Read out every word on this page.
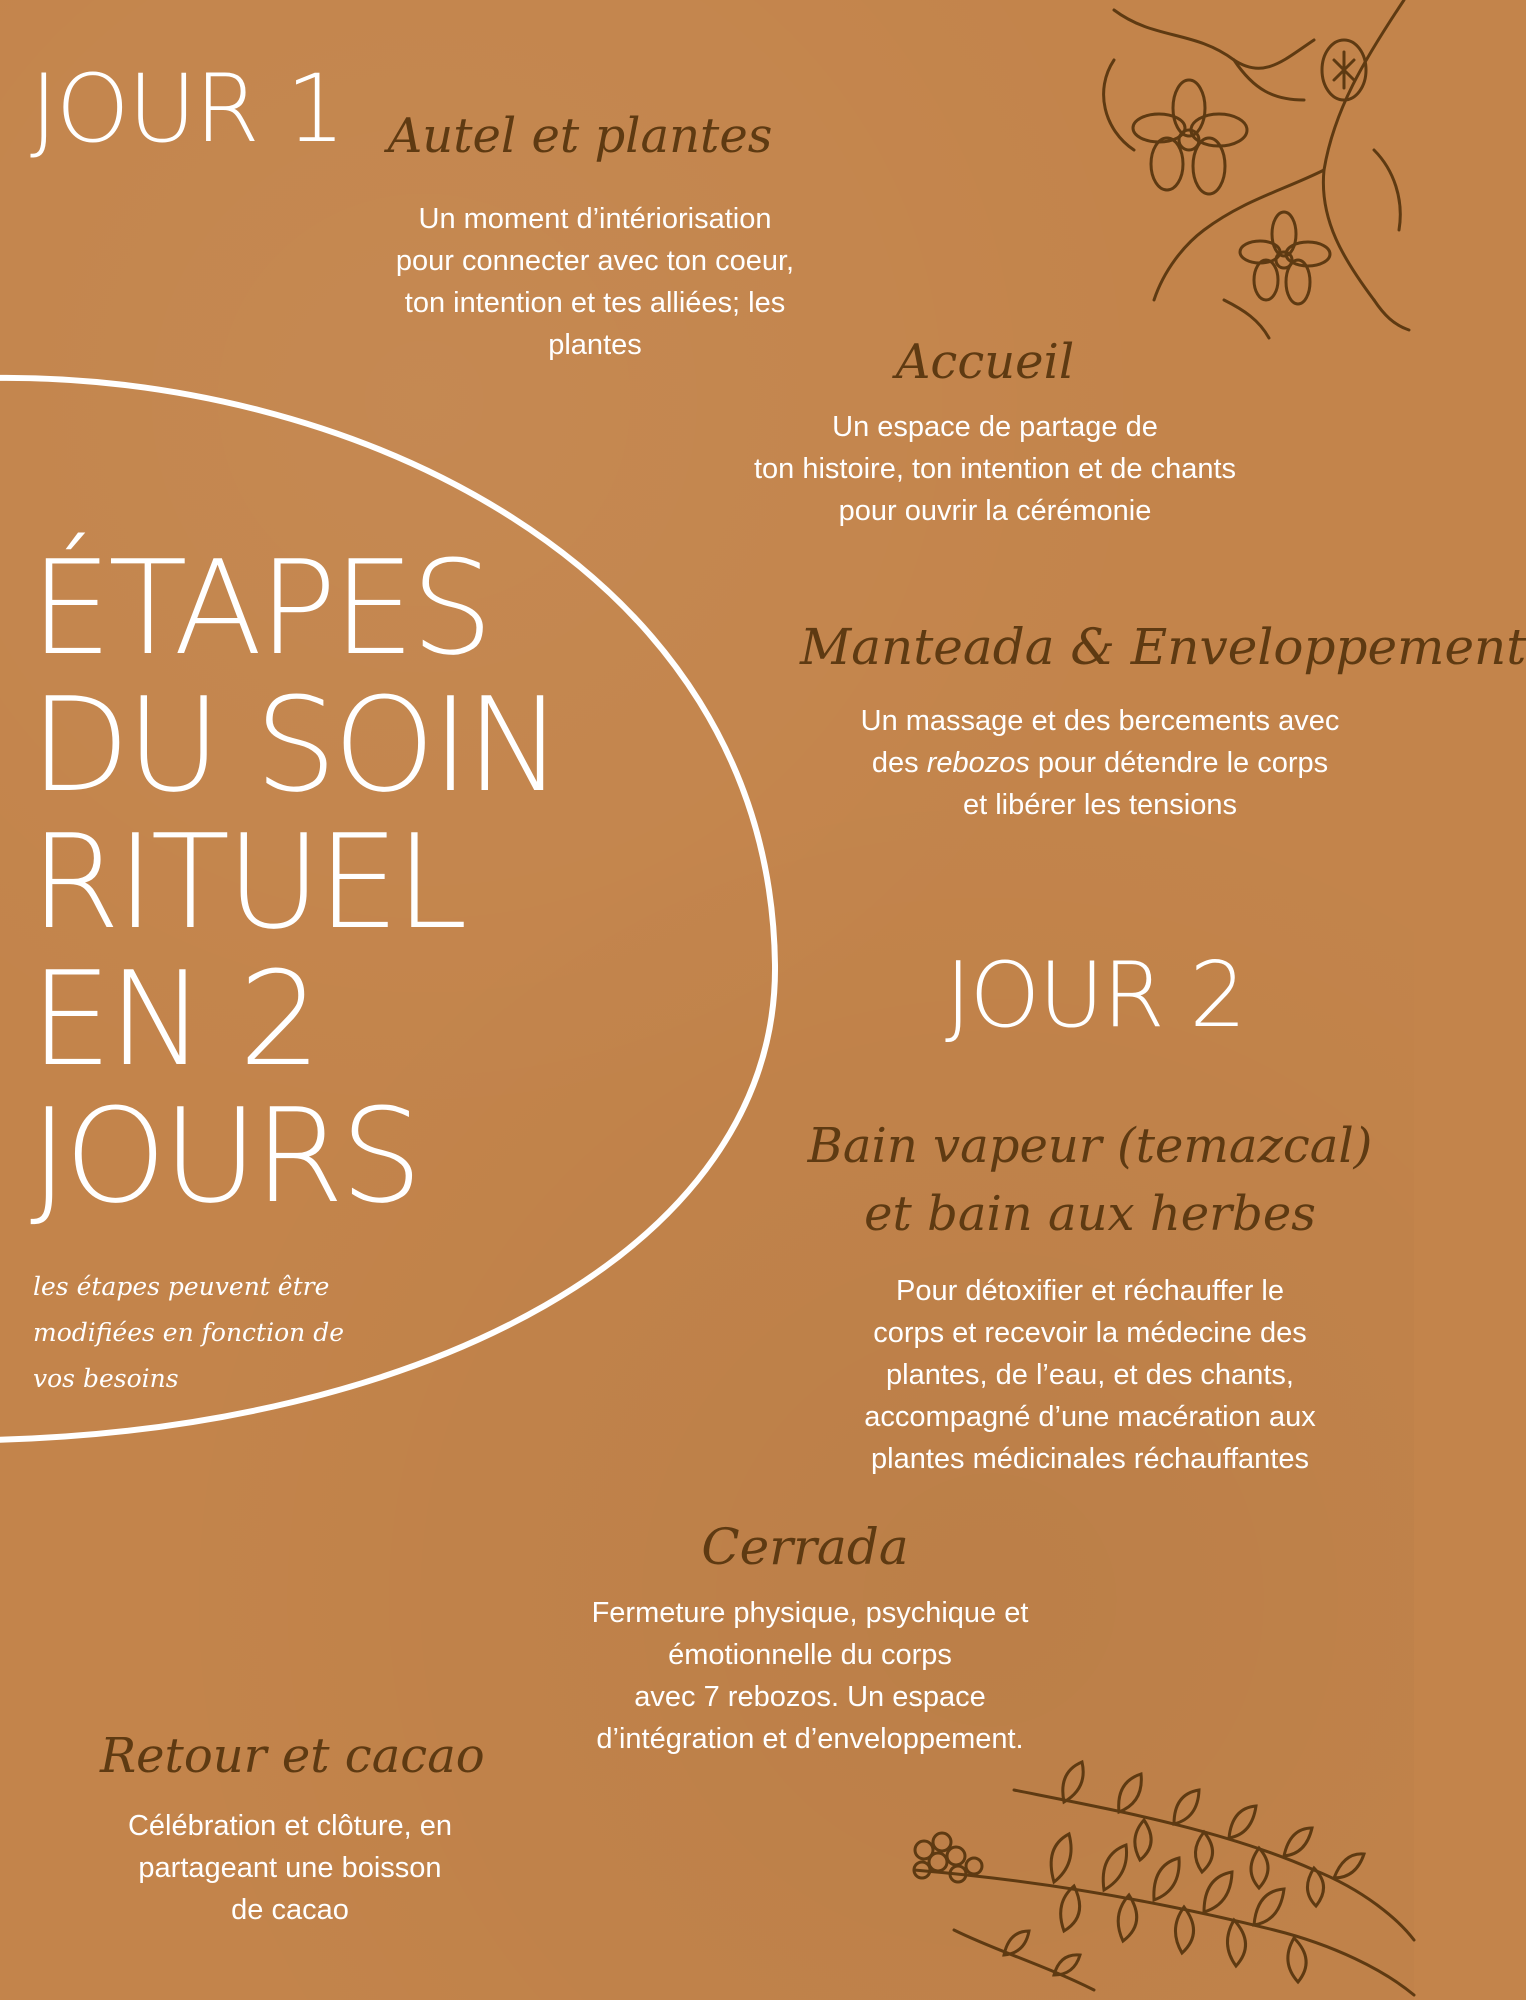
JOUR 1 Autel et plantes
Un moment d’intériorisation
pour connecter avec ton coeur,
ton intention et tes alliées; les
plantes	Accueil
Un espace de partage de
ton histoire, ton intention et de chants
pour ouvrir la cérémonie
Manteada & Enveloppement
Un massage et des bercements avec
des rebozos pour détendre le corps
et libérer les tensions
ÉTAPES
DU SOIN
RITUEL
EN 2
JOURS
les étapes peuvent être
modifiées en fonction de
vos besoins
JOUR 2
Bain vapeur (temazcal)
et bain aux herbes
Pour détoxifier et réchauffer le
corps et recevoir la médecine des
plantes, de l’eau, et des chants,
accompagné d’une macération aux
plantes médicinales réchauffantes
Cerrada
Fermeture physique, psychique et
émotionnelle du corps
avec 7 rebozos. Un espace
d’intégration et d’enveloppement.
Retour et cacao
Célébration et clôture, en
partageant une boisson
de cacao
